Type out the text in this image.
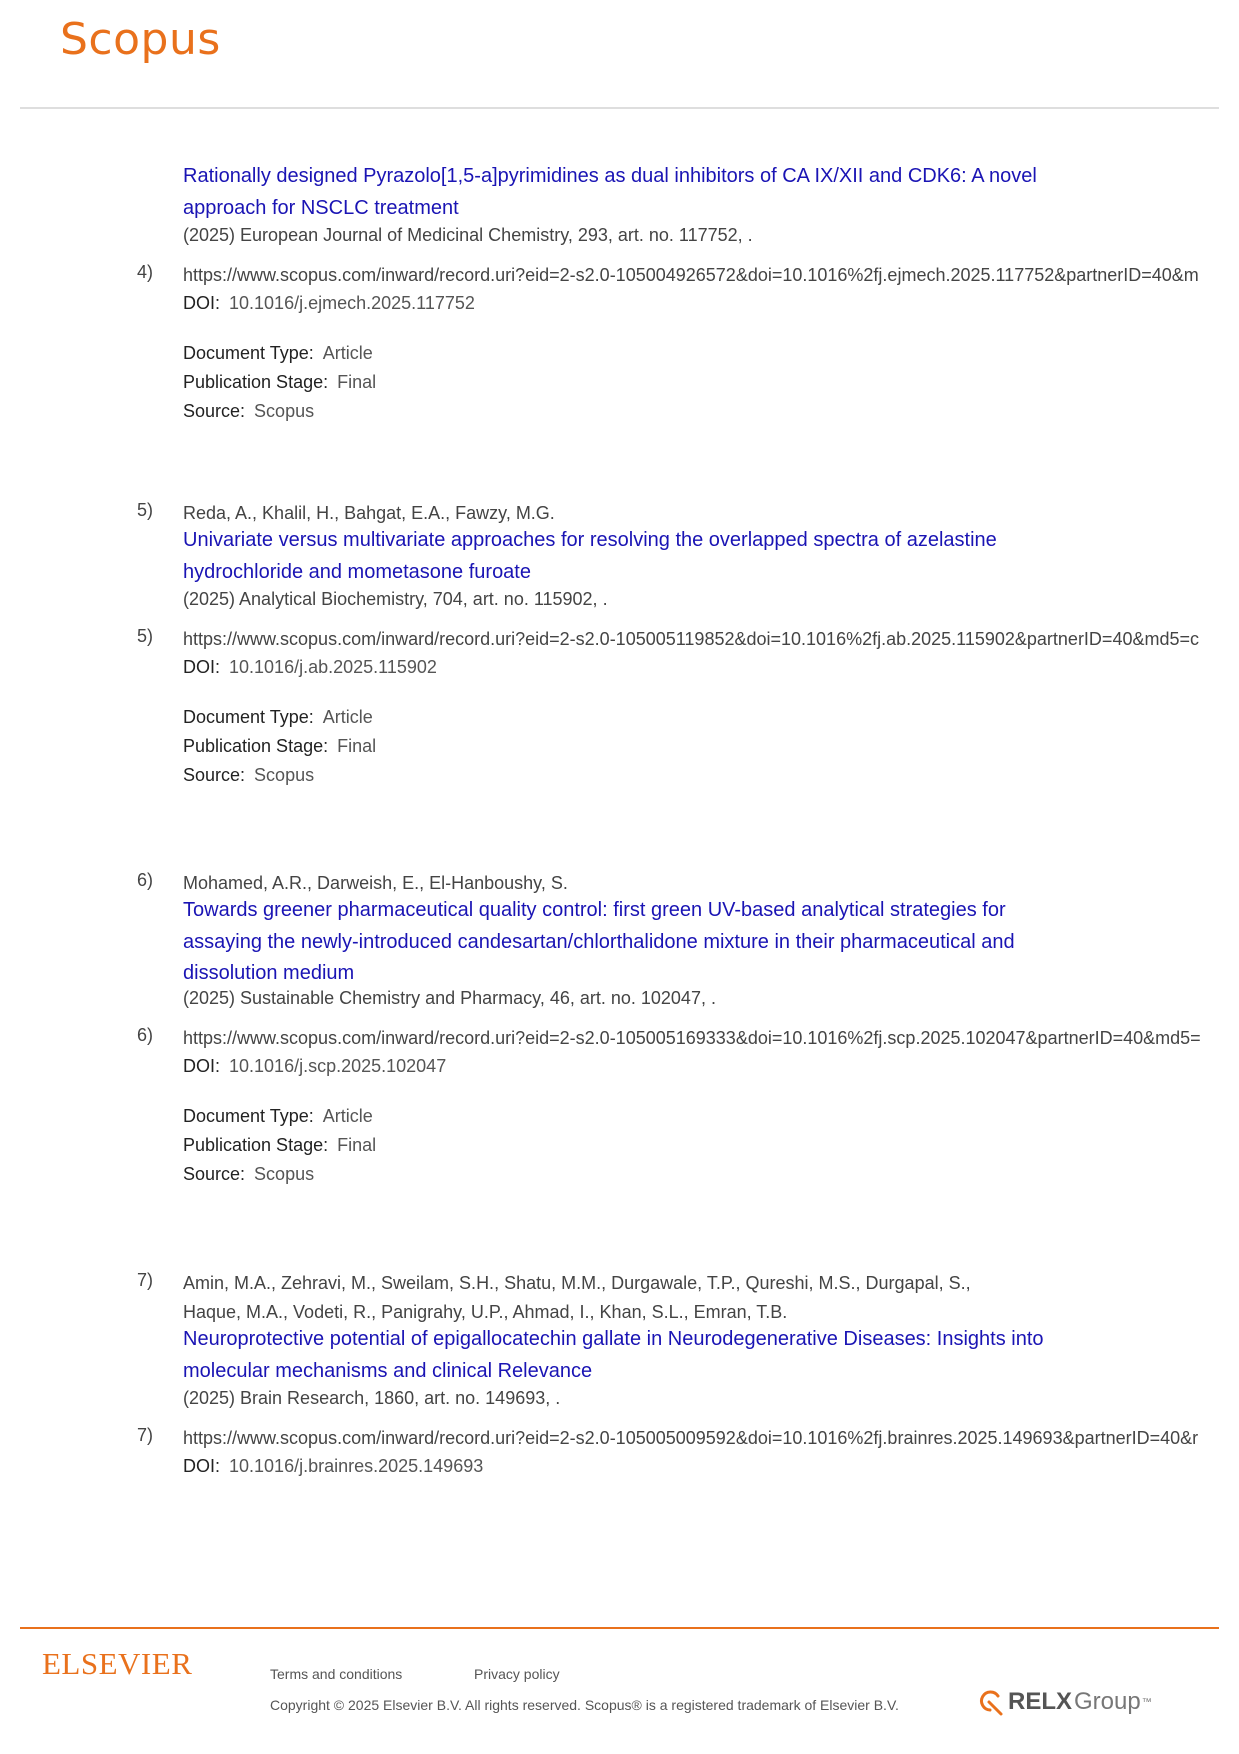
Scopus
Rationally designed Pyrazolo[1,5-a]pyrimidines as dual inhibitors of CA IX/XII and CDK6: A novel
approach for NSCLC treatment
(2025) European Journal of Medicinal Chemistry, 293, art. no. 117752, .
4) https://www.scopus.com/inward/record.uri?eid=2-s2.0-105004926572&doi=10.1016%2fj.ejmech.2025.117752&partnerID=40&m
DOI: 10.1016/j.ejmech.2025.117752
Document Type: Article
Publication Stage: Final
Source: Scopus
5) Reda, A., Khalil, H., Bahgat, E.A., Fawzy, M.G.
Univariate versus multivariate approaches for resolving the overlapped spectra of azelastine
hydrochloride and mometasone furoate
(2025) Analytical Biochemistry, 704, art. no. 115902, .
5) https://www.scopus.com/inward/record.uri?eid=2-s2.0-105005119852&doi=10.1016%2fj.ab.2025.115902&partnerID=40&md5=c
DOI: 10.1016/j.ab.2025.115902
Document Type: Article
Publication Stage: Final
Source: Scopus
6) Mohamed, A.R., Darweish, E., El-Hanboushy, S.
Towards greener pharmaceutical quality control: first green UV-based analytical strategies for
assaying the newly-introduced candesartan/chlorthalidone mixture in their pharmaceutical and
dissolution medium
(2025) Sustainable Chemistry and Pharmacy, 46, art. no. 102047, .
6) https://www.scopus.com/inward/record.uri?eid=2-s2.0-105005169333&doi=10.1016%2fj.scp.2025.102047&partnerID=40&md5=
DOI: 10.1016/j.scp.2025.102047
Document Type: Article
Publication Stage: Final
Source: Scopus
7) Amin, M.A., Zehravi, M., Sweilam, S.H., Shatu, M.M., Durgawale, T.P., Qureshi, M.S., Durgapal, S.,
Haque, M.A., Vodeti, R., Panigrahy, U.P., Ahmad, I., Khan, S.L., Emran, T.B.
Neuroprotective potential of epigallocatechin gallate in Neurodegenerative Diseases: Insights into
molecular mechanisms and clinical Relevance
(2025) Brain Research, 1860, art. no. 149693, .
7) https://www.scopus.com/inward/record.uri?eid=2-s2.0-105005009592&doi=10.1016%2fj.brainres.2025.149693&partnerID=40&r
DOI: 10.1016/j.brainres.2025.149693
ELSEVIER	Terms and conditions	Privacy policy
Copyright © 2025 Elsevier B.V. All rights reserved. Scopus® is a registered trademark of Elsevier B.V.	RELX Group ™
